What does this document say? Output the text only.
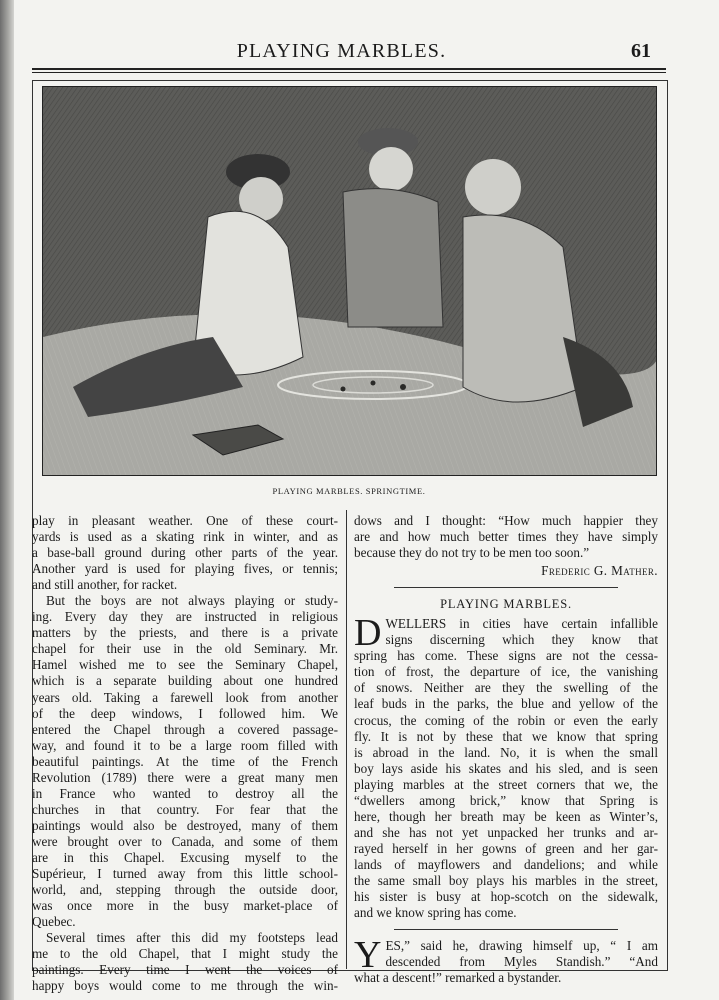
PLAYING MARBLES.	61
PLAYING MARBLES. SPRINGTIME.
play in pleasant weather. One of these court-
yards is used as a skating rink in winter, and as
a base-ball ground during other parts of the year.
Another yard is used for playing fives, or tennis;
and still another, for racket.
But the boys are not always playing or study-
ing. Every day they are instructed in religious
matters by the priests, and there is a private
chapel for their use in the old Seminary. Mr.
Hamel wished me to see the Seminary Chapel,
which is a separate building about one hundred
years old. Taking a farewell look from another
of the deep windows, I followed him. We
entered the Chapel through a covered passage-
way, and found it to be a large room filled with
beautiful paintings. At the time of the French
Revolution (1789) there were a great many men
in France who wanted to destroy all the
churches in that country. For fear that the
paintings would also be destroyed, many of them
were brought over to Canada, and some of them
are in this Chapel. Excusing myself to the
Supérieur, I turned away from this little school-
world, and, stepping through the outside door,
was once more in the busy market-place of
Quebec.
Several times after this did my footsteps lead
me to the old Chapel, that I might study the
paintings. Every time I went the voices of
happy boys would come to me through the win-
dows and I thought: “How much happier they
are and how much better times they have simply
because they do not try to be men too soon.”
Frederic G. Mather.
PLAYING MARBLES.
D WELLERS in cities have certain infallible
signs discerning which they know that
spring has come. These signs are not the cessa-
tion of frost, the departure of ice, the vanishing
of snows. Neither are they the swelling of the
leaf buds in the parks, the blue and yellow of the
crocus, the coming of the robin or even the early
fly. It is not by these that we know that spring
is abroad in the land. No, it is when the small
boy lays aside his skates and his sled, and is seen
playing marbles at the street corners that we, the
“dwellers among brick,” know that Spring is
here, though her breath may be keen as Winter’s,
and she has not yet unpacked her trunks and ar-
rayed herself in her gowns of green and her gar-
lands of mayflowers and dandelions; and while
the same small boy plays his marbles in the street,
his sister is busy at hop-scotch on the sidewalk,
and we know spring has come.
Y ES,” said he, drawing himself up, “ I am
descended from Myles Standish.” “And
what a descent!” remarked a bystander.
